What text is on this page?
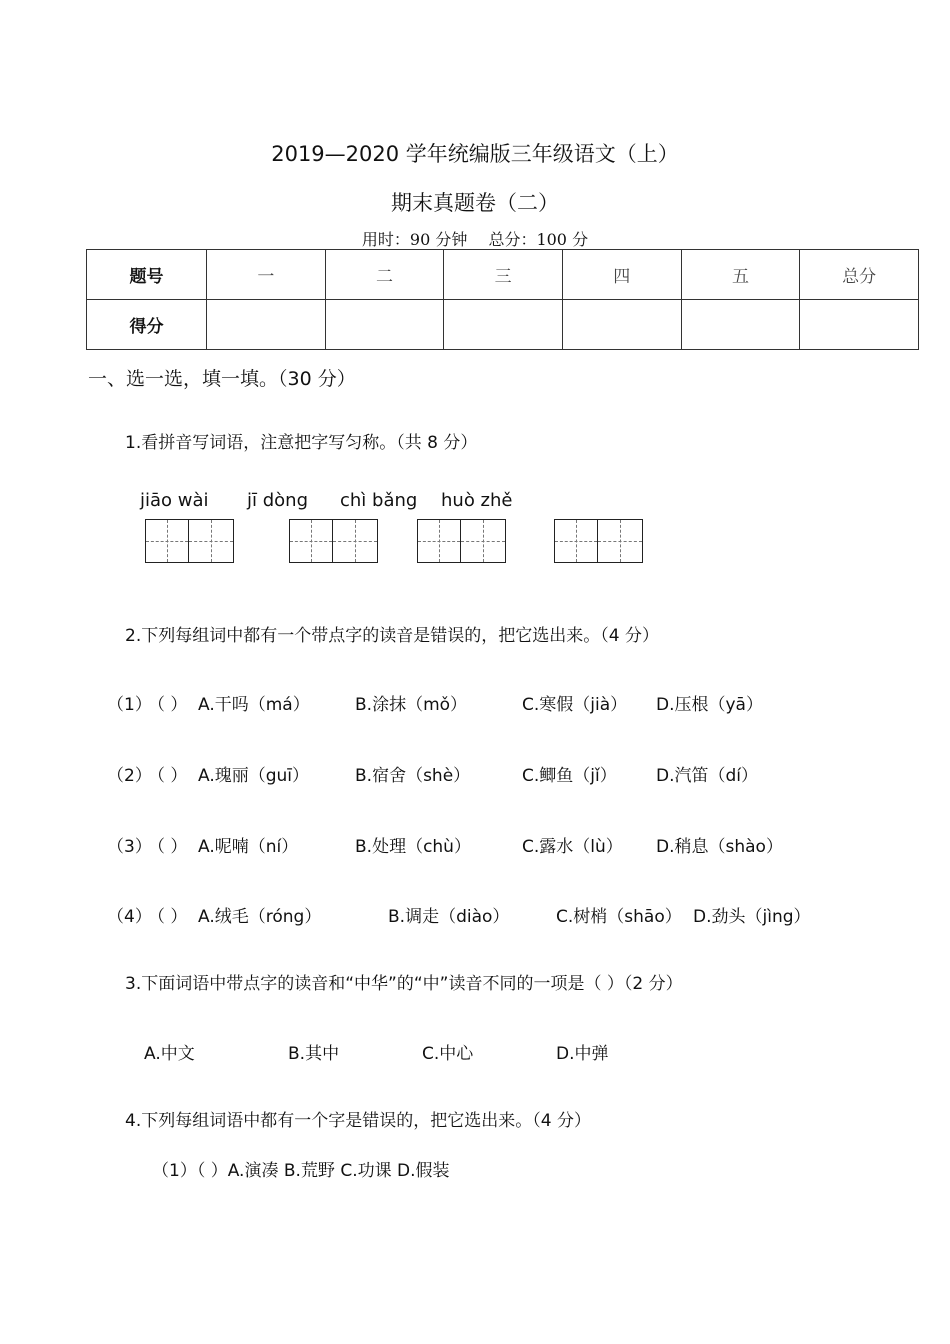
2019—2020 学年统编版三年级语文（上）
期末真题卷（二）
用时：90 分钟　 总分：100 分
题号	一	二	三	四	五	总分
得分						
一、选一选，填一填。（30 分）
1.看拼音写词语，注意把字写匀称。（共 8 分）
jiāo wài jī dòng chì bǎng huò zhě
2.下列每组词中都有一个带点字的读音是错误的，把它选出来。（4 分）
（1）
（ ） A.干吗（má）	B.涂抹（mǒ）	C.寒假（jià） D.压根（yā）
（2）
（ ） A.瑰丽（guī）	B.宿舍（shè）	C.鲫鱼（jǐ） D.汽笛（dí）
（3）
（ ） A.呢喃（ní）	B.处理（chù）	C.露水（lù） D.稍息（shào）
（4）
（ ） A.绒毛（róng）	B.调走（diào）	C.树梢（shāo） D.劲头（jìng）
3.下面词语中带点字的读音和“中华”的“中”读音不同的一项是（ ）（2 分）
A.中文	B.其中	C.中心	D.中弹
4.下列每组词语中都有一个字是错误的，把它选出来。（4 分）
（1）（ ）A.演凑 B.荒野 C.功课 D.假装
